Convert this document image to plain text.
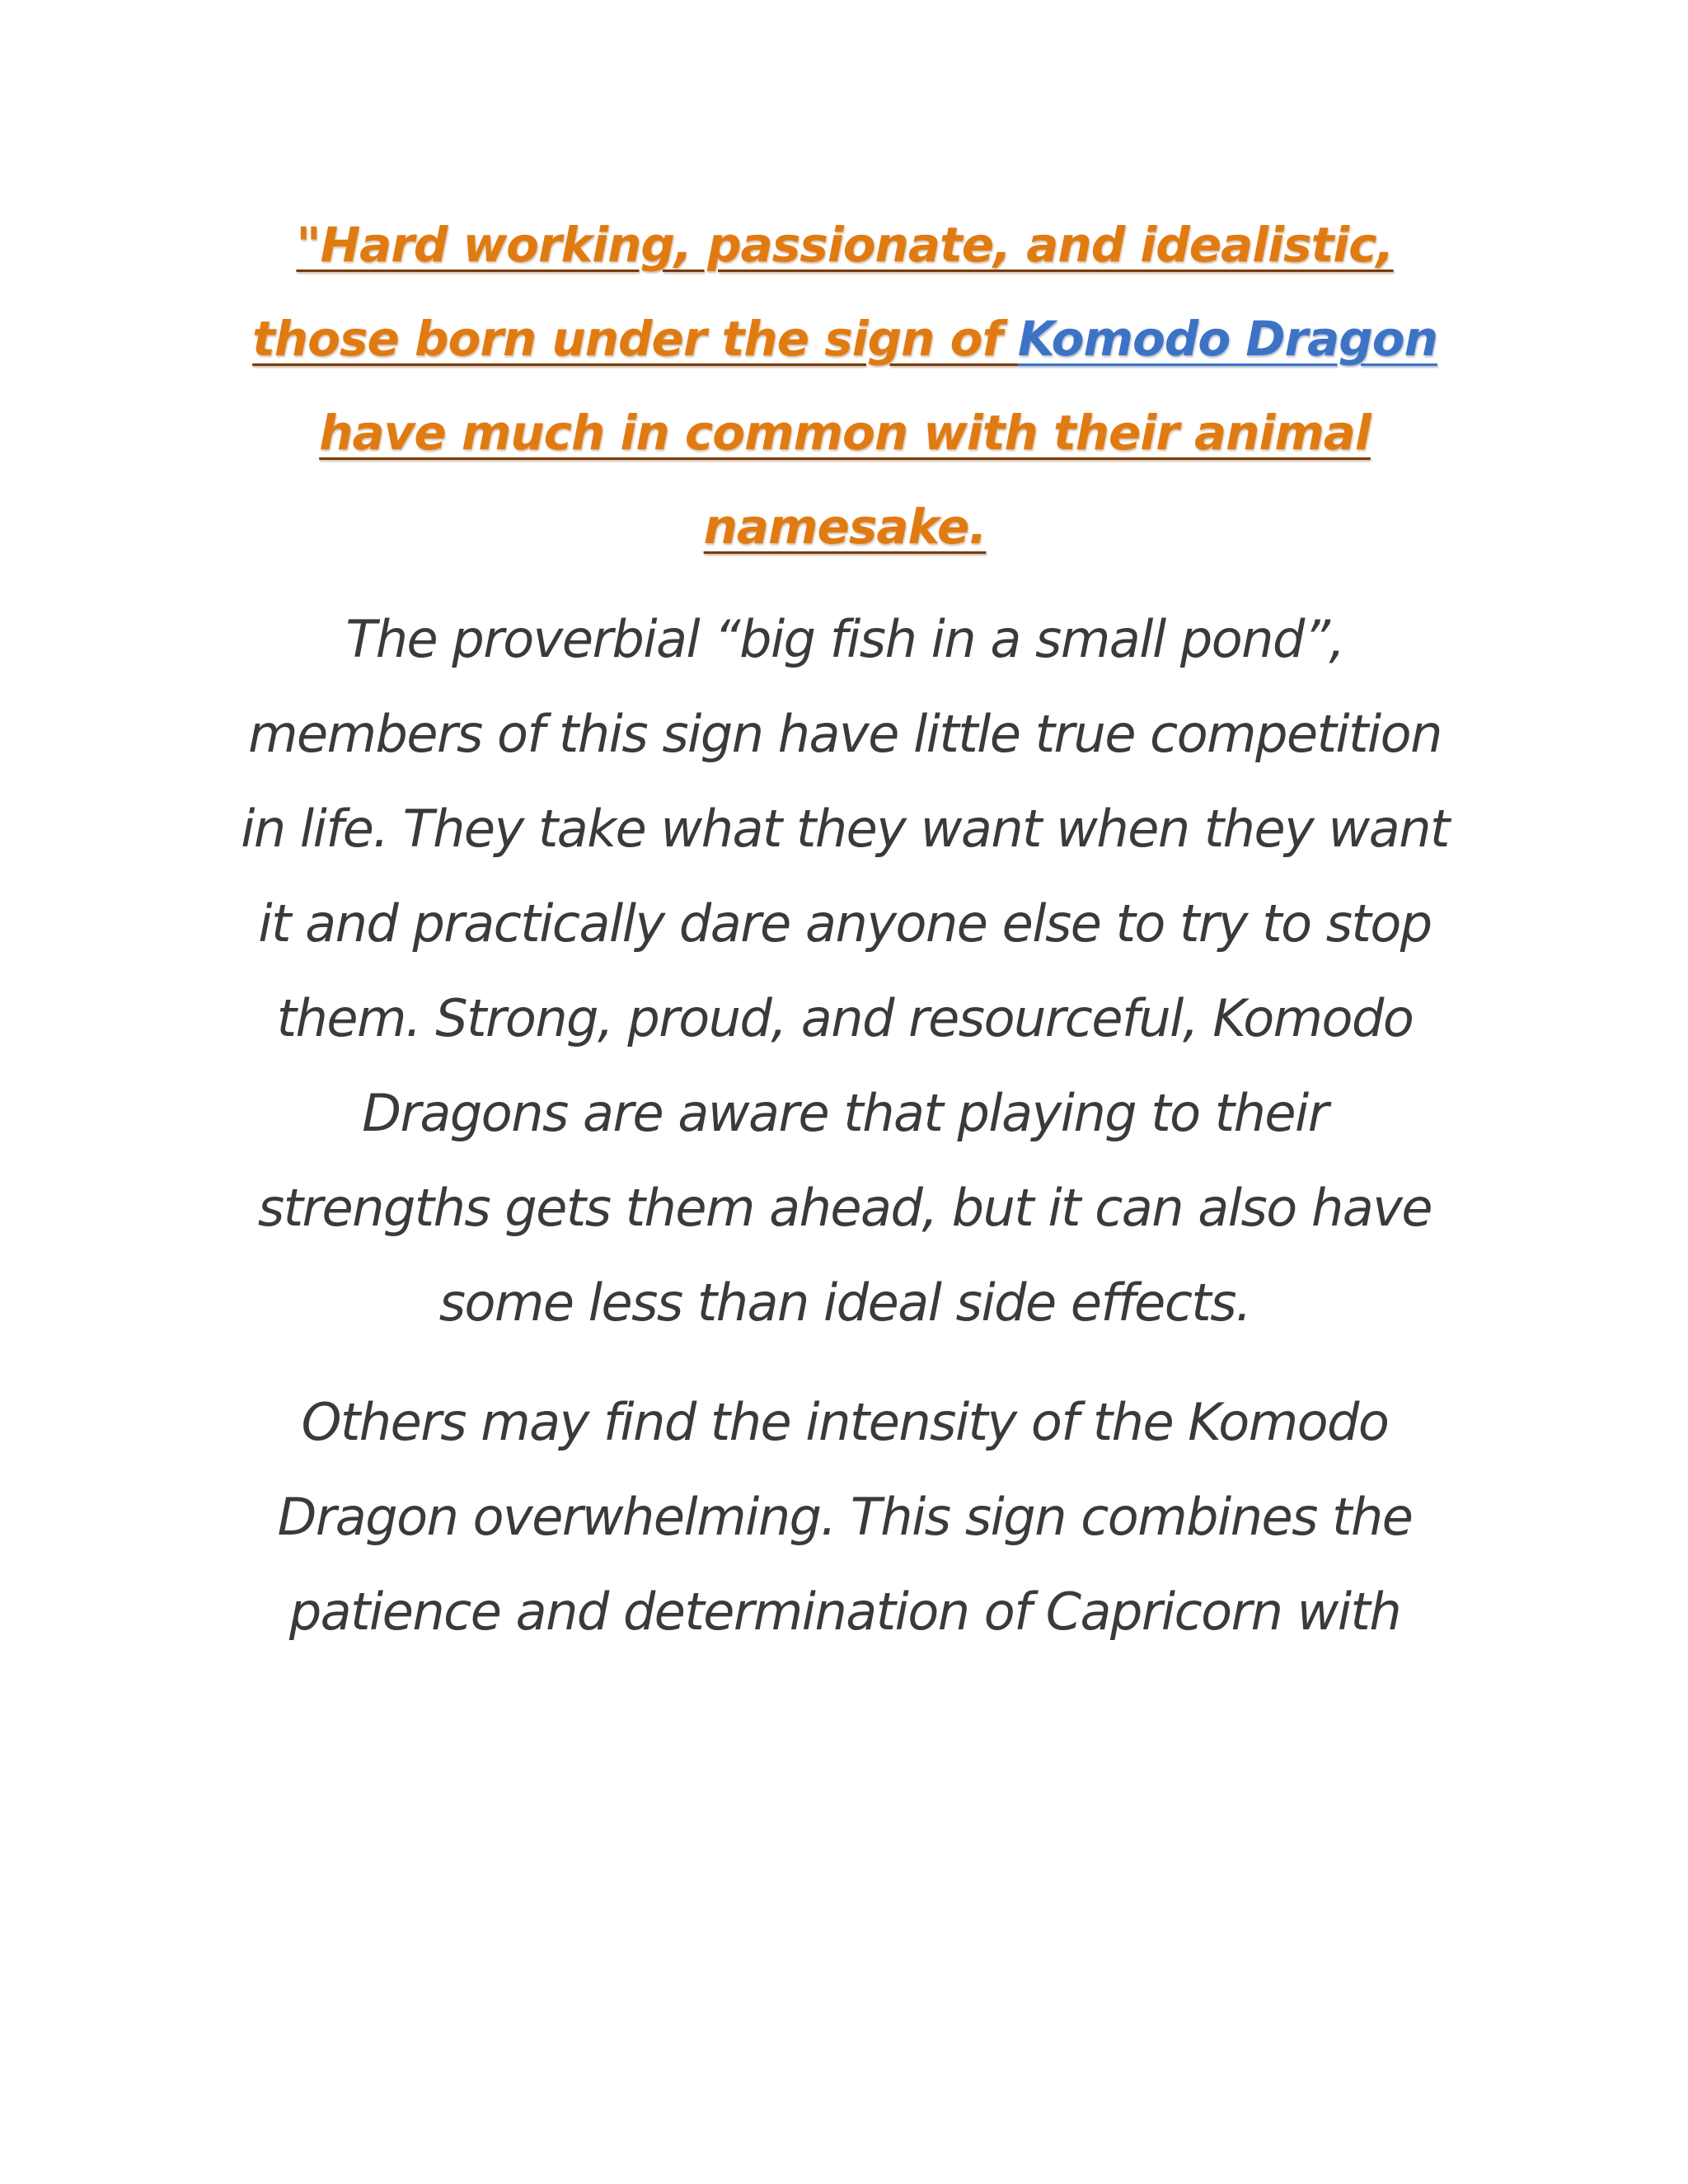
"Hard working, passionate, and idealistic, those born under the sign of Komodo Dragon have much in common with their animal namesake.

The proverbial “big fish in a small pond”, members of this sign have little true competition in life. They take what they want when they want it and practically dare anyone else to try to stop them. Strong, proud, and resourceful, Komodo Dragons are aware that playing to their strengths gets them ahead, but it can also have some less than ideal side effects.

Others may find the intensity of the Komodo Dragon overwhelming. This sign combines the patience and determination of Capricorn with
